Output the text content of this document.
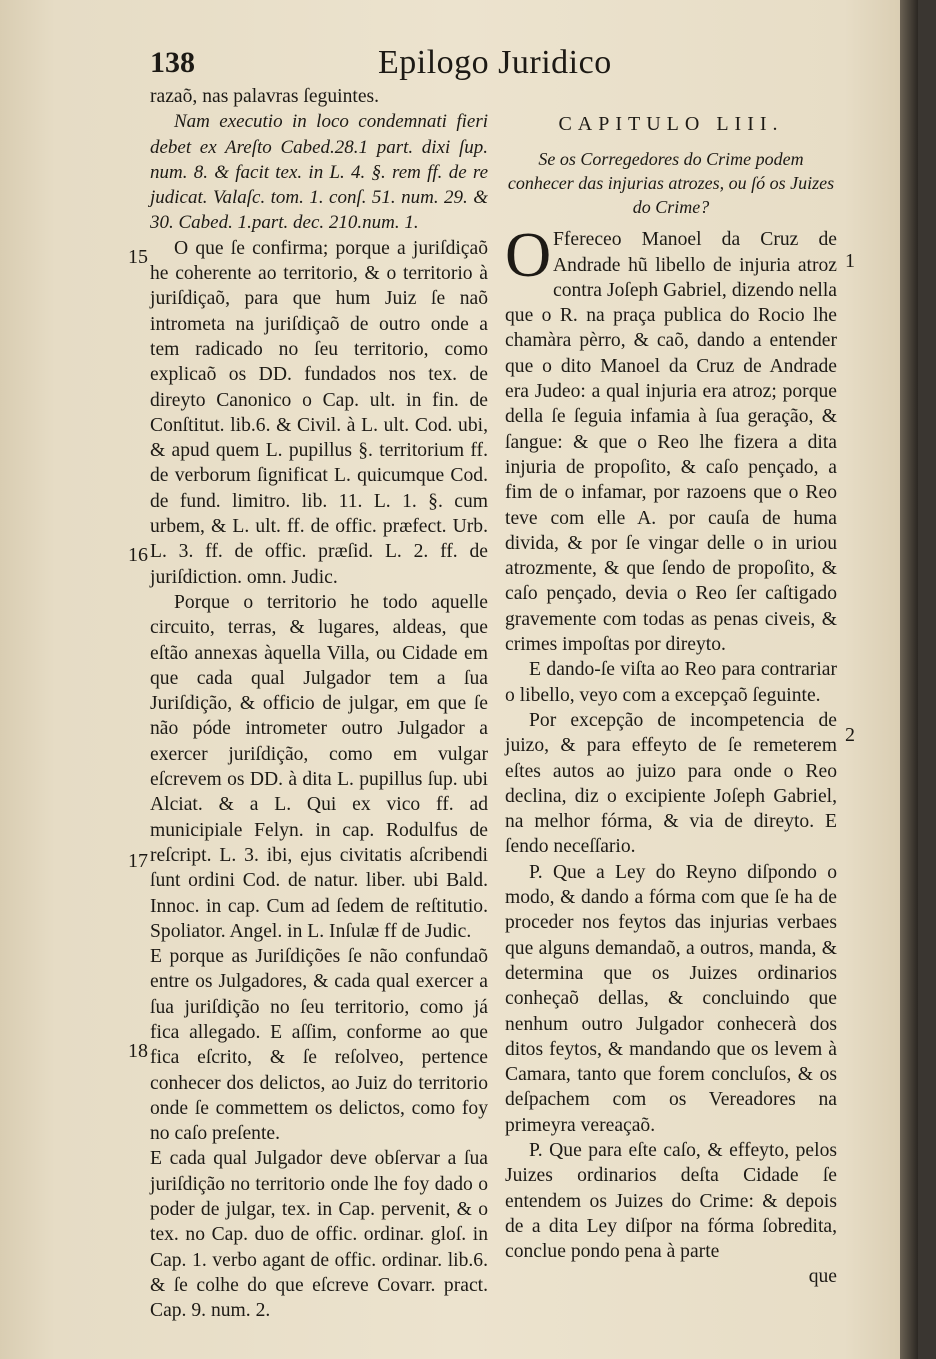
138	Epilogo Juridico

razaõ, nas palavras ſeguintes.

Nam executio in loco condemnati fieri debet ex Areſto Cabed.28.1 part. dixi ſup. num. 8. & facit tex. in L. 4. §. rem ff. de re judicat. Valaſc. tom. 1. conſ. 51. num. 29. & 30. Cabed. 1.part. dec. 210.num. 1.

O que ſe confirma; porque a juriſdiçaõ he coherente ao territorio, & o territorio à juriſdiçaõ, para que hum Juiz ſe naõ intrometa na juriſdiçaõ de outro onde a tem radicado no ſeu territorio, como explicaõ os DD. fundados nos tex. de direyto Canonico o Cap. ult. in fin. de Conſtitut. lib.6. & Civil. à L. ult. Cod. ubi, & apud quem L. pupillus §. territorium ff. de verborum ſignificat L. quicumque Cod. de fund. limitro. lib. 11. L. 1. §. cum urbem, & L. ult. ff. de offic. præfect. Urb. L. 3. ff. de offic. præſid. L. 2. ff. de juriſdiction. omn. Judic.

Porque o territorio he todo aquelle circuito, terras, & lugares, aldeas, que eſtão annexas àquella Villa, ou Cidade em que cada qual Julgador tem a ſua Juriſdição, & officio de julgar, em que ſe não póde intrometer outro Julgador a exercer juriſdição, como em vulgar eſcrevem os DD. à dita L. pupillus ſup. ubi Alciat. & a L. Qui ex vico ff. ad municipiale Felyn. in cap. Rodulfus de reſcript. L. 3. ibi, ejus civitatis aſcribendi ſunt ordini Cod. de natur. liber. ubi Bald. Innoc. in cap. Cum ad ſedem de reſtitutio. Spoliator. Angel. in L. Inſulæ ff de Judic.

E porque as Juriſdições ſe não confundaõ entre os Julgadores, & cada qual exercer a ſua juriſdição no ſeu territorio, como já fica allegado. E aſſim, conforme ao que fica eſcrito, & ſe reſolveo, pertence conhecer dos delictos, ao Juiz do territorio onde ſe commettem os delictos, como foy no caſo preſente.

E cada qual Julgador deve obſervar a ſua juriſdição no territorio onde lhe foy dado o poder de julgar, tex. in Cap. pervenit, & o tex. no Cap. duo de offic. ordinar. gloſ. in Cap. 1. verbo agant de offic. ordinar. lib.6. & ſe colhe do que eſcreve Covarr. pract. Cap. 9. num. 2.

15
16
17
18
CAPITULO LIII.
Se os Corregedores do Crime podem conhecer das injurias atrozes, ou ſó os Juizes do Crime?
O Ffereceo Manoel da Cruz de Andrade hũ libello de injuria atroz contra Joſeph Gabriel, dizendo nella que o R. na praça publica do Rocio lhe chamàra pèrro, & caõ, dando a entender que o dito Manoel da Cruz de Andrade era Judeo: a qual injuria era atroz; porque della ſe ſeguia infamia à ſua geração, & ſangue: & que o Reo lhe fizera a dita injuria de propoſito, & caſo pençado, a fim de o infamar, por razoens que o Reo teve com elle A. por cauſa de huma divida, & por ſe vingar delle o in uriou atrozmente, & que ſendo de propoſito, & caſo pençado, devia o Reo ſer caſtigado gravemente com todas as penas civeis, & crimes impoſtas por direyto.

E dando-ſe viſta ao Reo para contrariar o libello, veyo com a excepçaõ ſeguinte.

Por excepção de incompetencia de juizo, & para effeyto de ſe remeterem eſtes autos ao juizo para onde o Reo declina, diz o excipiente Joſeph Gabriel, na melhor fórma, & via de direyto. E ſendo neceſſario.

P. Que a Ley do Reyno diſpondo o modo, & dando a fórma com que ſe ha de proceder nos feytos das injurias verbaes que alguns demandaõ, a outros, manda, & determina que os Juizes ordinarios conheçaõ dellas, & concluindo que nenhum outro Julgador conhecerà dos ditos feytos, & mandando que os levem à Camara, tanto que forem concluſos, & os deſpachem com os Vereadores na primeyra vereaçaõ.

P. Que para eſte caſo, & effeyto, pelos Juizes ordinarios deſta Cidade ſe entendem os Juizes do Crime: & depois de a dita Ley diſpor na fórma ſobredita, conclue pondo pena à parte

que

1
2
